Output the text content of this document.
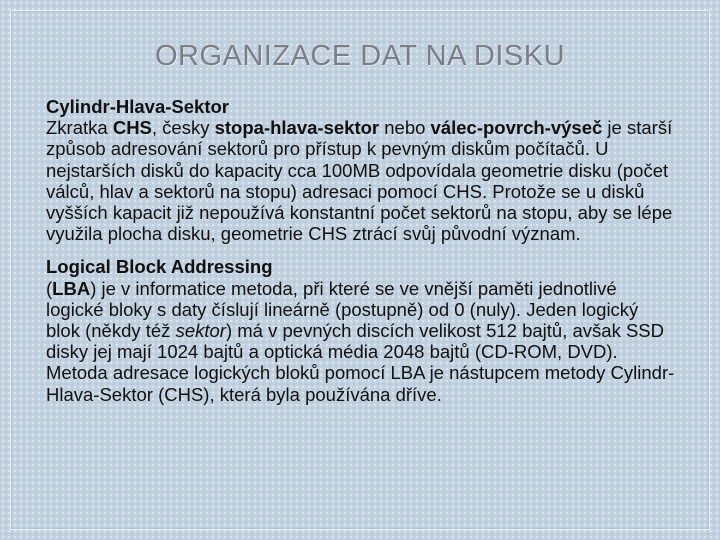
ORGANIZACE DAT NA DISKU
Cylindr-Hlava-Sektor
Zkratka CHS, česky stopa-hlava-sektor nebo válec-povrch-výseč je starší způsob adresování sektorů pro přístup k pevným diskům počítačů. U nejstarších disků do kapacity cca 100MB odpovídala geometrie disku (počet válců, hlav a sektorů na stopu) adresaci pomocí CHS. Protože se u disků vyšších kapacit již nepoužívá konstantní počet sektorů na stopu, aby se lépe využila plocha disku, geometrie CHS ztrácí svůj původní význam.
Logical Block Addressing
(LBA) je v informatice metoda, při které se ve vnější paměti jednotlivé logické bloky s daty číslují lineárně (postupně) od 0 (nuly). Jeden logický blok (někdy též sektor) má v pevných discích velikost 512 bajtů, avšak SSD disky jej mají 1024 bajtů a optická média 2048 bajtů (CD-ROM, DVD). Metoda adresace logických bloků pomocí LBA je nástupcem metody Cylindr-Hlava-Sektor (CHS), která byla používána dříve.
